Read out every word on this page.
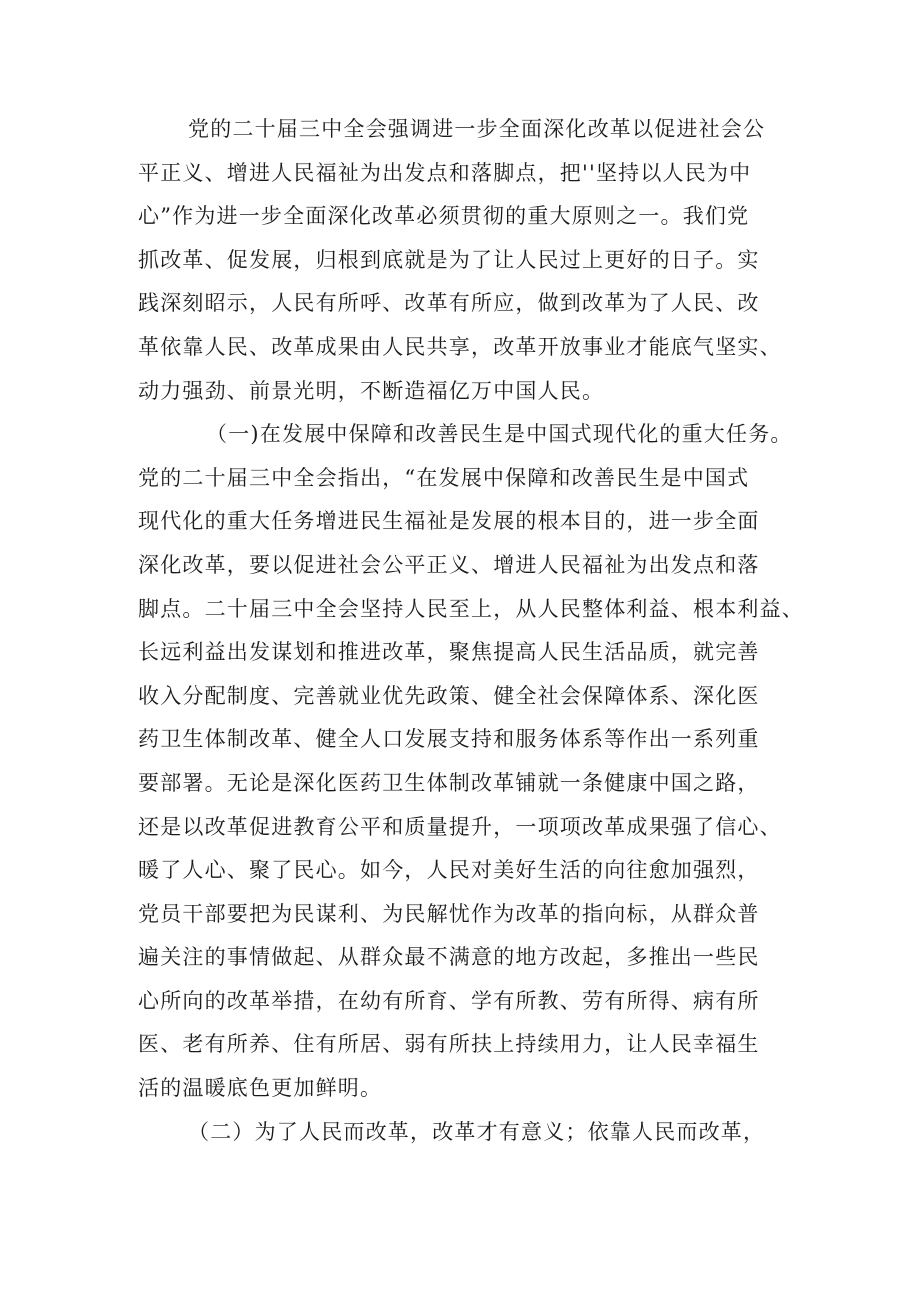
党的二十届三中全会强调进一步全面深化改革以促进社会公
平正义、增进人民福祉为出发点和落脚点，把''坚持以人民为中
心”作为进一步全面深化改革必须贯彻的重大原则之一。我们党
抓改革、促发展，归根到底就是为了让人民过上更好的日子。实
践深刻昭示，人民有所呼、改革有所应，做到改革为了人民、改
革依靠人民、改革成果由人民共享，改革开放事业才能底气坚实、
动力强劲、前景光明，不断造福亿万中国人民。
（一)在发展中保障和改善民生是中国式现代化的重大任务。
党的二十届三中全会指出，“在发展中保障和改善民生是中国式
现代化的重大任务增进民生福祉是发展的根本目的，进一步全面
深化改革，要以促进社会公平正义、增进人民福祉为出发点和落
脚点。二十届三中全会坚持人民至上，从人民整体利益、根本利益、
长远利益出发谋划和推进改革，聚焦提高人民生活品质，就完善
收入分配制度、完善就业优先政策、健全社会保障体系、深化医
药卫生体制改革、健全人口发展支持和服务体系等作出一系列重
要部署。无论是深化医药卫生体制改革铺就一条健康中国之路，
还是以改革促进教育公平和质量提升，一项项改革成果强了信心、
暖了人心、聚了民心。如今，人民对美好生活的向往愈加强烈，
党员干部要把为民谋利、为民解忧作为改革的指向标，从群众普
遍关注的事情做起、从群众最不满意的地方改起，多推出一些民
心所向的改革举措，在幼有所育、学有所教、劳有所得、病有所
医、老有所养、住有所居、弱有所扶上持续用力，让人民幸福生
活的温暖底色更加鲜明。
（二）为了人民而改革，改革才有意义；依靠人民而改革，
